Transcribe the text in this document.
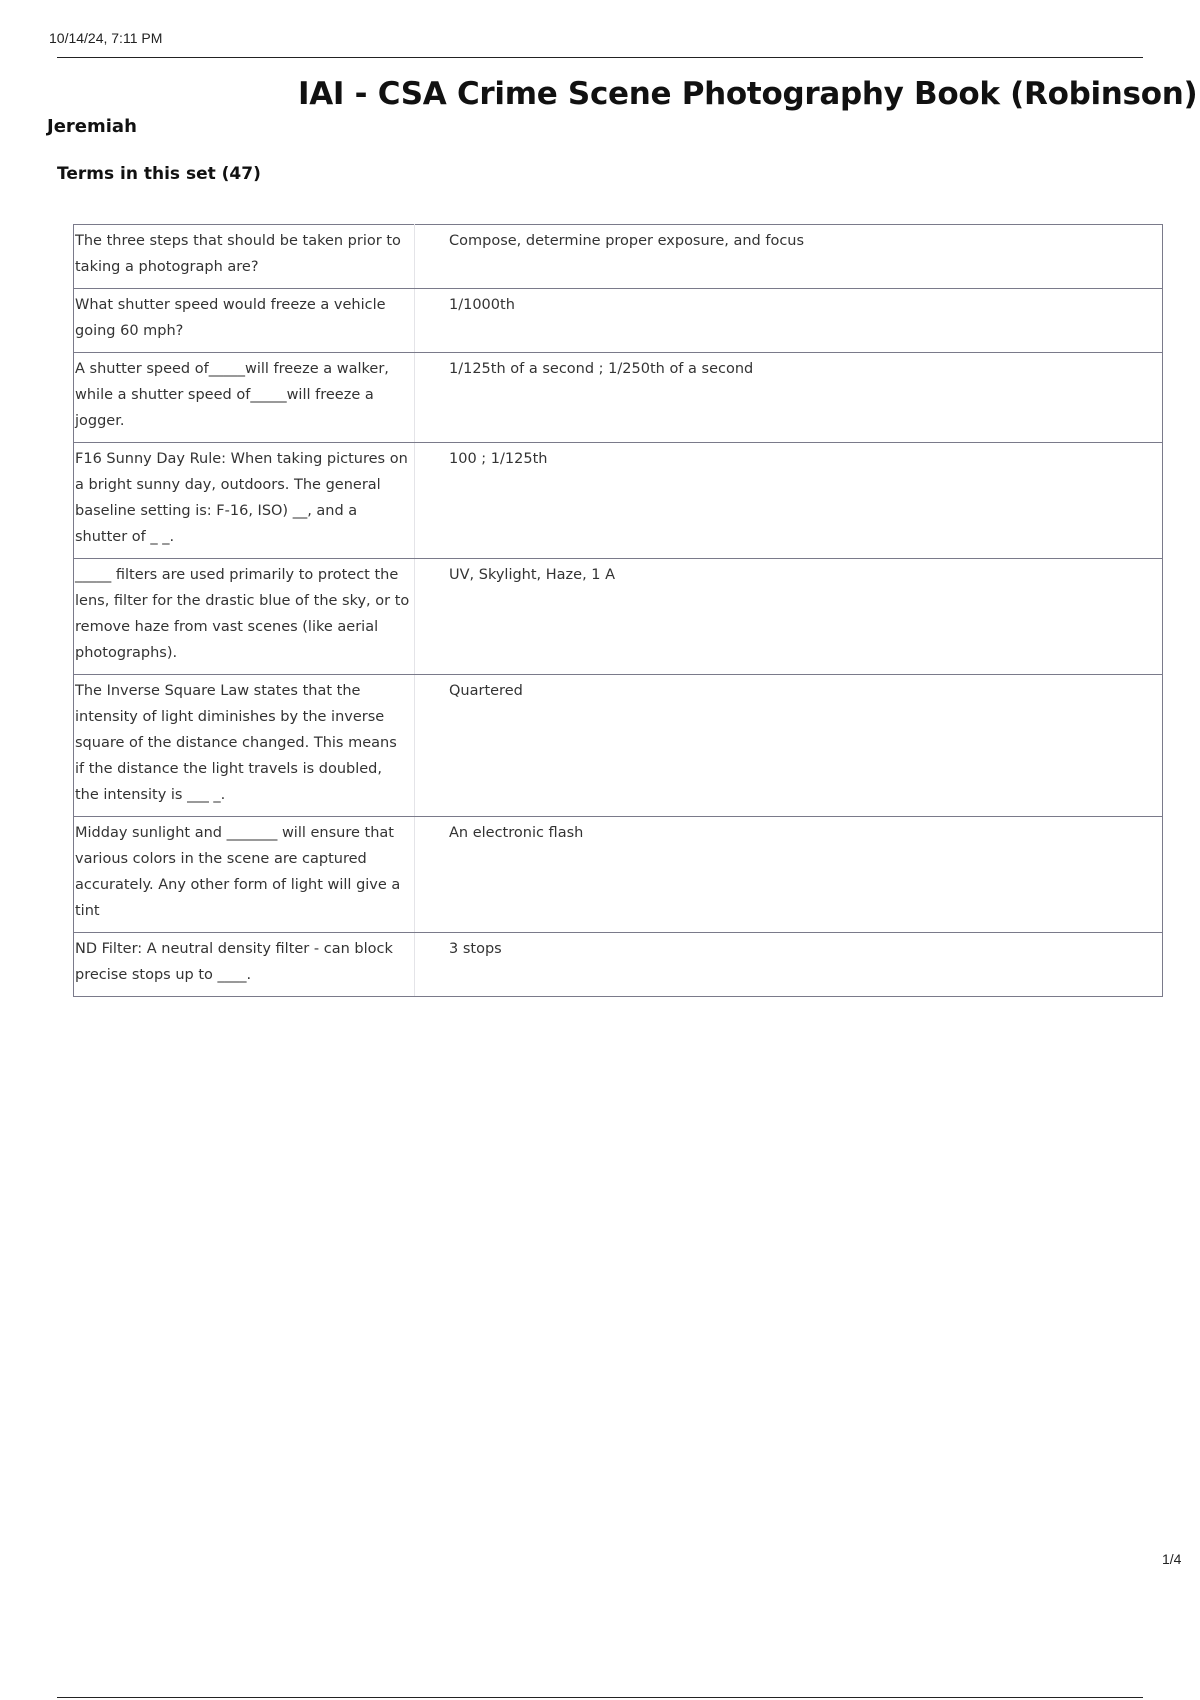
10/14/24, 7:11 PM
IAI - CSA Crime Scene Photography Book (Robinson)
Jeremiah
Terms in this set (47)
The three steps that should be taken prior to taking a photograph are?	Compose, determine proper exposure, and focus
What shutter speed would freeze a vehicle going 60 mph?	1/1000th
A shutter speed of_____will freeze a walker, while a shutter speed of_____will freeze a jogger.	1/125th of a second ; 1/250th of a second
F16 Sunny Day Rule: When taking pictures on a bright sunny day, outdoors. The general baseline setting is: F-16, ISO) __, and a shutter of _ _.	100 ; 1/125th
_____ filters are used primarily to protect the lens, filter for the drastic blue of the sky, or to remove haze from vast scenes (like aerial photographs).	UV, Skylight, Haze, 1 A
The Inverse Square Law states that the intensity of light diminishes by the inverse square of the distance changed. This means if the distance the light travels is doubled, the intensity is ___ _.	Quartered
Midday sunlight and _______ will ensure that various colors in the scene are captured accurately. Any other form of light will give a tint	An electronic flash
ND Filter: A neutral density filter - can block precise stops up to ____.	3 stops
1/4
